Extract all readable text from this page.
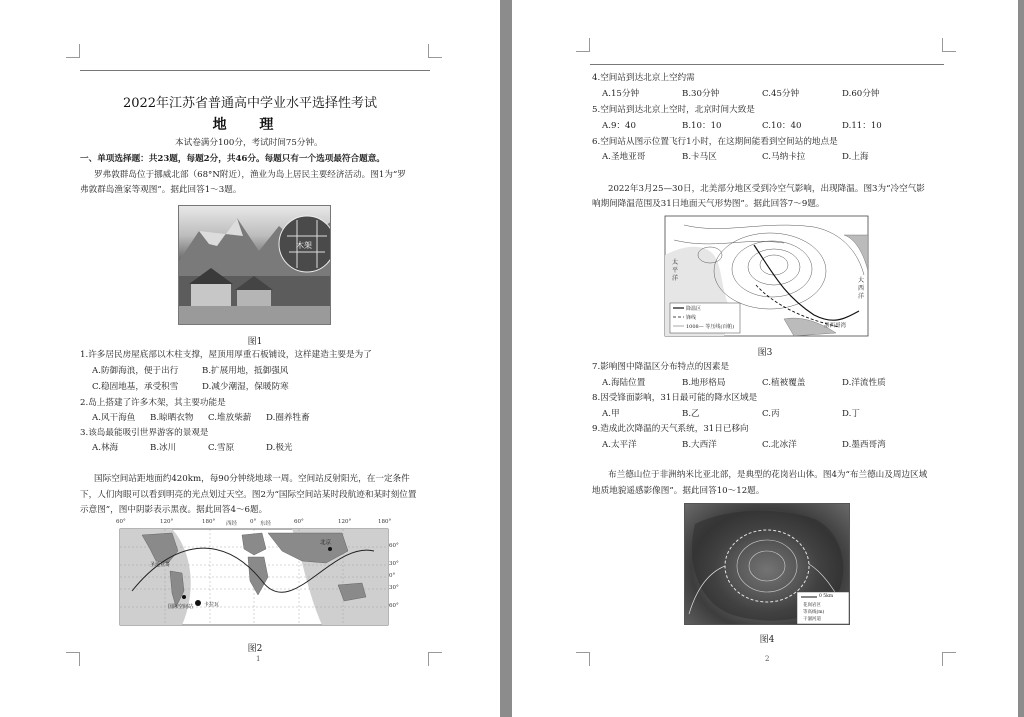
2022年江苏省普通高中学业水平选择性考试
地 理
本试卷满分100分，考试时间75分钟。
一、单项选择题：共23题，每题2分，共46分。每题只有一个选项最符合题意。
罗弗敦群岛位于挪威北部（68°N附近），渔业为岛上居民主要经济活动。图1为“罗
弗敦群岛渔家等观图”。据此回答1～3题。
木架
图1
1.许多居民房屋底部以木柱支撑，屋顶用厚重石板铺设，这样建造主要是为了
A.防御海浪，便于出行	B.扩展用地，抵御强风
C.稳固地基，承受积雪	D.减少潮湿，保暖防寒
2.岛上搭建了许多木架，其主要功能是
A.风干海鱼 B.晾晒衣物 C.堆放柴薪 D.圈养牲畜
3.该岛最能吸引世界游客的景观是
A.林海	B.冰川	C.雪原	D.极光
国际空间站距地面约420km，每90分钟绕地球一周。空间站反射阳光，在一定条件
下，人们肉眼可以看到明亮的光点划过天空。图2为“国际空间站某时段航迹和某时刻位置
示意图”，图中阴影表示黑夜。据此回答4～6题。
60°	120°	180° 西经 0° 东经	60°	120°	180°
60°
30°
0°
30°
60°
北京
圣地亚哥
国际空间站 卡拉瓦
图2
1
4.空间站到达北京上空约需
A.15分钟	B.30分钟	C.45分钟	D.60分钟
5.空间站到达北京上空时，北京时间大致是
A.9：40	B.10：10	C.10：40	D.11：10
6.空间站从图示位置飞行1小时，在这期间能看到空间站的地点是
A.圣地亚哥	B.卡马区	C.马纳卡拉	D.上海
2022年3月25—30日，北美部分地区受到冷空气影响，出现降温。图3为“冷空气影
响期间降温范围及31日地面天气形势图”。据此回答7～9题。
降温区
锋线
1008— 等压线(百帕)
太
平
洋	大
西
洋
墨西哥湾
图3
7.影响图中降温区分布特点的因素是
A.海陆位置	B.地形格局	C.植被覆盖	D.洋流性质
8.因受锋面影响，31日最可能的降水区域是
A.甲	B.乙	C.丙	D.丁
9.造成此次降温的天气系统，31日已移向
A.太平洋	B.大西洋	C.北冰洋	D.墨西哥湾
布兰德山位于非洲纳米比亚北部，是典型的花岗岩山体。图4为“布兰德山及周边区域
地质地貌遥感影像图”。据此回答10～12题。
0 5km
花岗岩区
等高线(m)
干涸河道
图4
2
